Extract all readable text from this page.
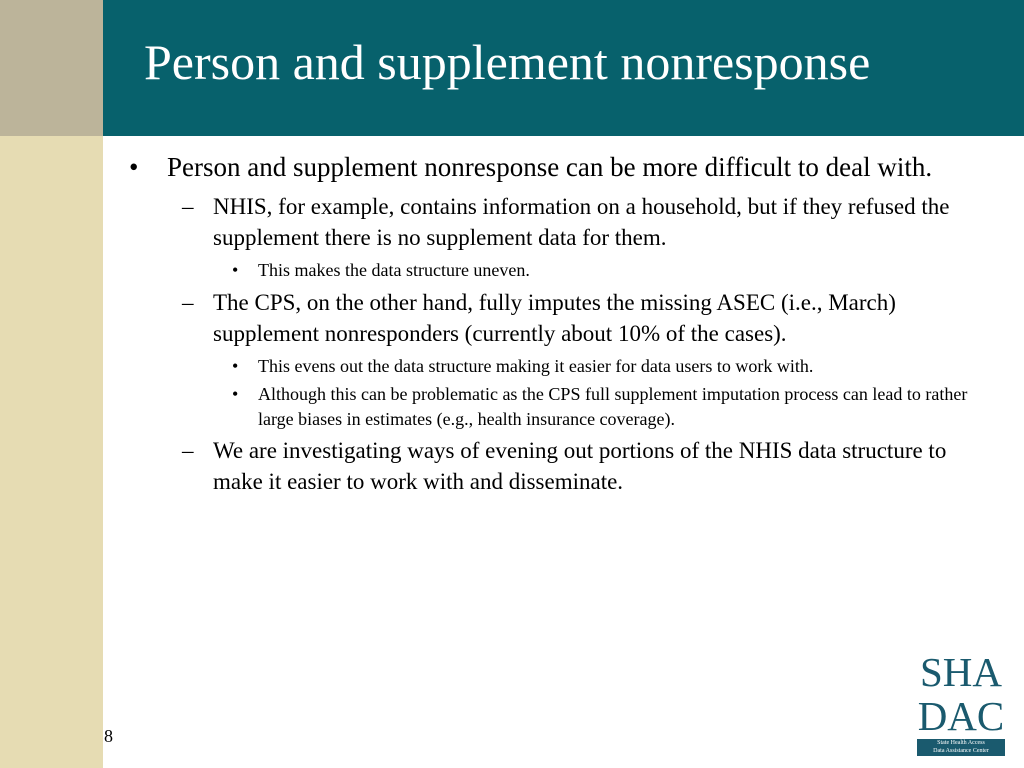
Person and supplement nonresponse
• Person and supplement nonresponse can be more difficult to deal with.
– NHIS, for example, contains information on a household, but if they refused the supplement there is no supplement data for them.
• This makes the data structure uneven.
– The CPS, on the other hand, fully imputes the missing ASEC (i.e., March) supplement nonresponders (currently about 10% of the cases).
• This evens out the data structure making it easier for data users to work with.
• Although this can be problematic as the CPS full supplement imputation process can lead to rather large biases in estimates (e.g., health insurance coverage).
– We are investigating ways of evening out portions of the NHIS data structure to make it easier to work with and disseminate.
8
SHA
DAC
State Health Access
Data Assistance Center
